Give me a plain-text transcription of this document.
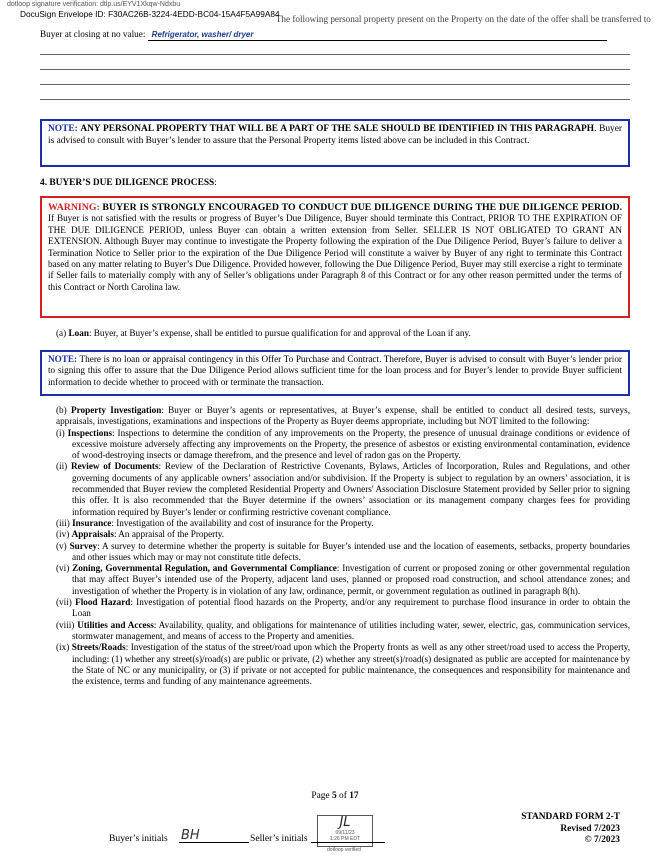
dotloop signature verification: dtlp.us/EYV1Xkqw-Ndxbu
DocuSign Envelope ID: F30AC26B-3224-4EDD-BC04-15A4F5A99A84
The following personal property present on the Property on the date of the offer shall be transferred to
Buyer at closing at no value: Refrigerator, washer/ dryer

NOTE: ANY PERSONAL PROPERTY THAT WILL BE A PART OF THE SALE SHOULD BE IDENTIFIED IN THIS PARAGRAPH. Buyer is advised to consult with Buyer’s lender to assure that the Personal Property items listed above can be included in this Contract.

4. BUYER’S DUE DILIGENCE PROCESS:

WARNING: BUYER IS STRONGLY ENCOURAGED TO CONDUCT DUE DILIGENCE DURING THE DUE DILIGENCE PERIOD. If Buyer is not satisfied with the results or progress of Buyer’s Due Diligence, Buyer should terminate this Contract, PRIOR TO THE EXPIRATION OF THE DUE DILIGENCE PERIOD, unless Buyer can obtain a written extension from Seller. SELLER IS NOT OBLIGATED TO GRANT AN EXTENSION. Although Buyer may continue to investigate the Property following the expiration of the Due Diligence Period, Buyer’s failure to deliver a Termination Notice to Seller prior to the expiration of the Due Diligence Period will constitute a waiver by Buyer of any right to terminate this Contract based on any matter relating to Buyer’s Due Diligence. Provided however, following the Due Diligence Period, Buyer may still exercise a right to terminate if Seller fails to materially comply with any of Seller’s obligations under Paragraph 8 of this Contract or for any other reason permitted under the terms of this Contract or North Carolina law.

(a) Loan: Buyer, at Buyer’s expense, shall be entitled to pursue qualification for and approval of the Loan if any.

NOTE: There is no loan or appraisal contingency in this Offer To Purchase and Contract. Therefore, Buyer is advised to consult with Buyer’s lender prior to signing this offer to assure that the Due Diligence Period allows sufficient time for the loan process and for Buyer’s lender to provide Buyer sufficient information to decide whether to proceed with or terminate the transaction.

(b) Property Investigation: Buyer or Buyer’s agents or representatives, at Buyer’s expense, shall be entitled to conduct all desired tests, surveys, appraisals, investigations, examinations and inspections of the Property as Buyer deems appropriate, including but NOT limited to the following:

(i) Inspections: Inspections to determine the condition of any improvements on the Property, the presence of unusual drainage conditions or evidence of excessive moisture adversely affecting any improvements on the Property, the presence of asbestos or existing environmental contamination, evidence of wood-destroying insects or damage therefrom, and the presence and level of radon gas on the Property.

(ii) Review of Documents: Review of the Declaration of Restrictive Covenants, Bylaws, Articles of Incorporation, Rules and Regulations, and other governing documents of any applicable owners’ association and/or subdivision. If the Property is subject to regulation by an owners’ association, it is recommended that Buyer review the completed Residential Property and Owners' Association Disclosure Statement provided by Seller prior to signing this offer. It is also recommended that the Buyer determine if the owners’ association or its management company charges fees for providing information required by Buyer’s lender or confirming restrictive covenant compliance.

(iii) Insurance: Investigation of the availability and cost of insurance for the Property.

(iv) Appraisals: An appraisal of the Property.

(v) Survey: A survey to determine whether the property is suitable for Buyer’s intended use and the location of easements, setbacks, property boundaries and other issues which may or may not constitute title defects.

(vi) Zoning, Governmental Regulation, and Governmental Compliance: Investigation of current or proposed zoning or other governmental regulation that may affect Buyer’s intended use of the Property, adjacent land uses, planned or proposed road construction, and school attendance zones; and investigation of whether the Property is in violation of any law, ordinance, permit, or government regulation as outlined in paragraph 8(h).

(vii) Flood Hazard: Investigation of potential flood hazards on the Property, and/or any requirement to purchase flood insurance in order to obtain the Loan

(viii) Utilities and Access: Availability, quality, and obligations for maintenance of utilities including water, sewer, electric, gas, communication services, stormwater management, and means of access to the Property and amenities.

(ix) Streets/Roads: Investigation of the status of the street/road upon which the Property fronts as well as any other street/road used to access the Property, including: (1) whether any street(s)/road(s) are public or private, (2) whether any street(s)/road(s) designated as public are accepted for maintenance by the State of NC or any municipality, or (3) if private or not accepted for public maintenance, the consequences and responsibility for maintenance and the existence, terms and funding of any maintenance agreements.

Page 5 of 17
Buyer’s initials BH	Seller’s initials
JL
09/11/23
1:26 PM EDT
dotloop verified
STANDARD FORM 2-T
Revised 7/2023
© 7/2023
